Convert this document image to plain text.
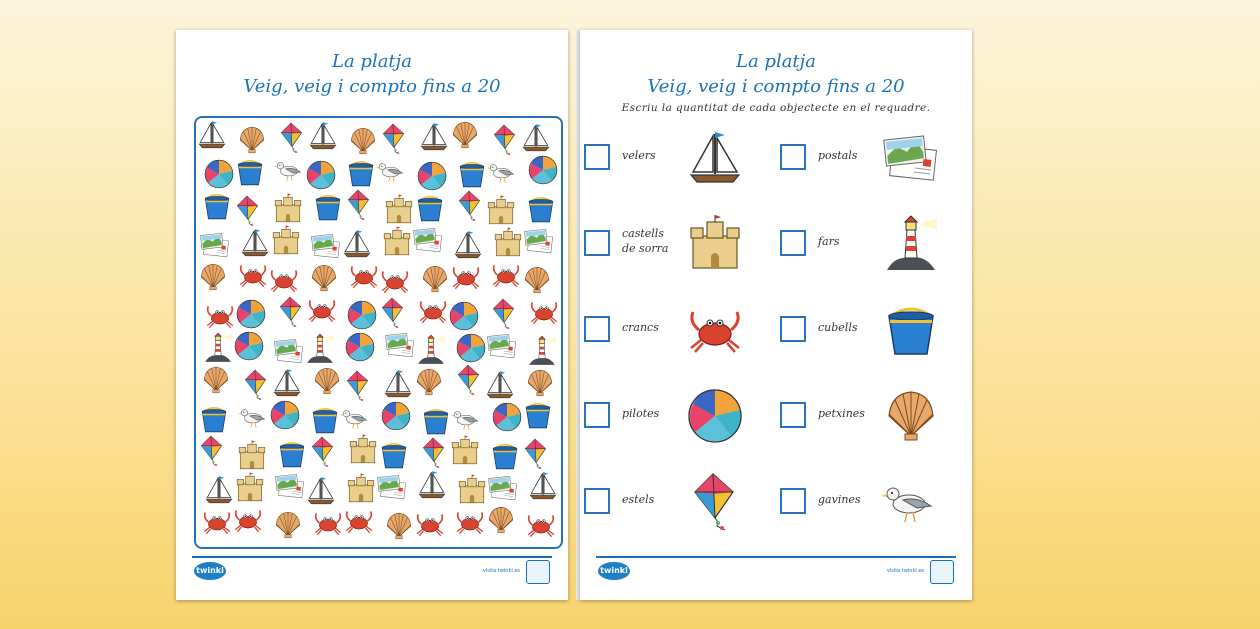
La platja
Veig, veig i compto fins a 20
twinkl	visita twinkl.es
La platja
Veig, veig i compto fins a 20
Escriu la quantitat de cada objectecte en el requadre.
velers
castells
de sorra
crancs
pilotes
estels
postals
fars
cubells
petxines
gavines
twinkl	visita twinkl.es
